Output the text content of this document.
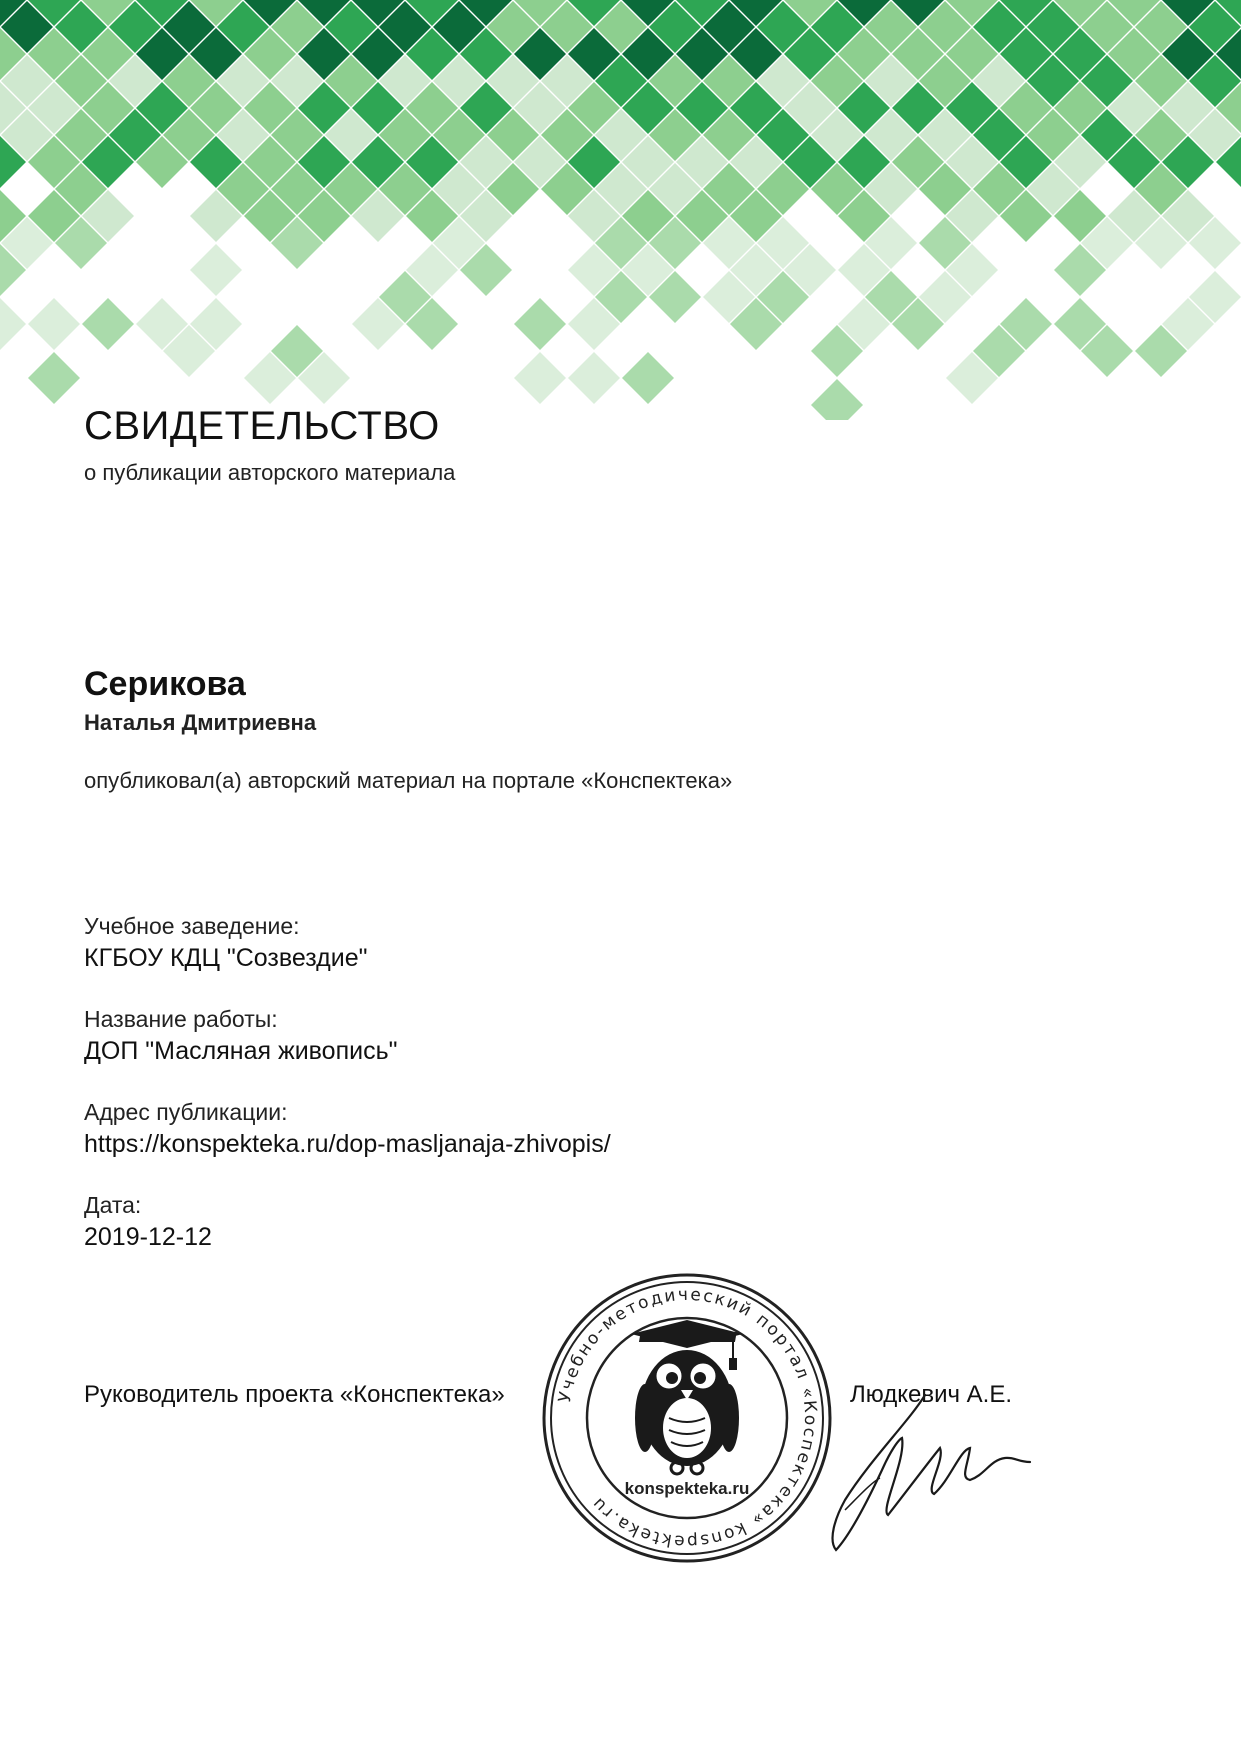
СВИДЕТЕЛЬСТВО
о публикации авторского материала
Серикова
Наталья Дмитриевна
опубликовал(а) авторский материал на портале «Конспектека»
Учебное заведение:
КГБОУ КДЦ "Созвездие"
Название работы:
ДОП "Масляная живопись"
Адрес публикации:
https://konspekteka.ru/dop-masljanaja-zhivopis/
Дата:
2019-12-12
Руководитель проекта «Конспектека»	Людкевич А.Е.
Учебно-методический портал «Коспектека» konspekteka.ru
konspekteka.ru
